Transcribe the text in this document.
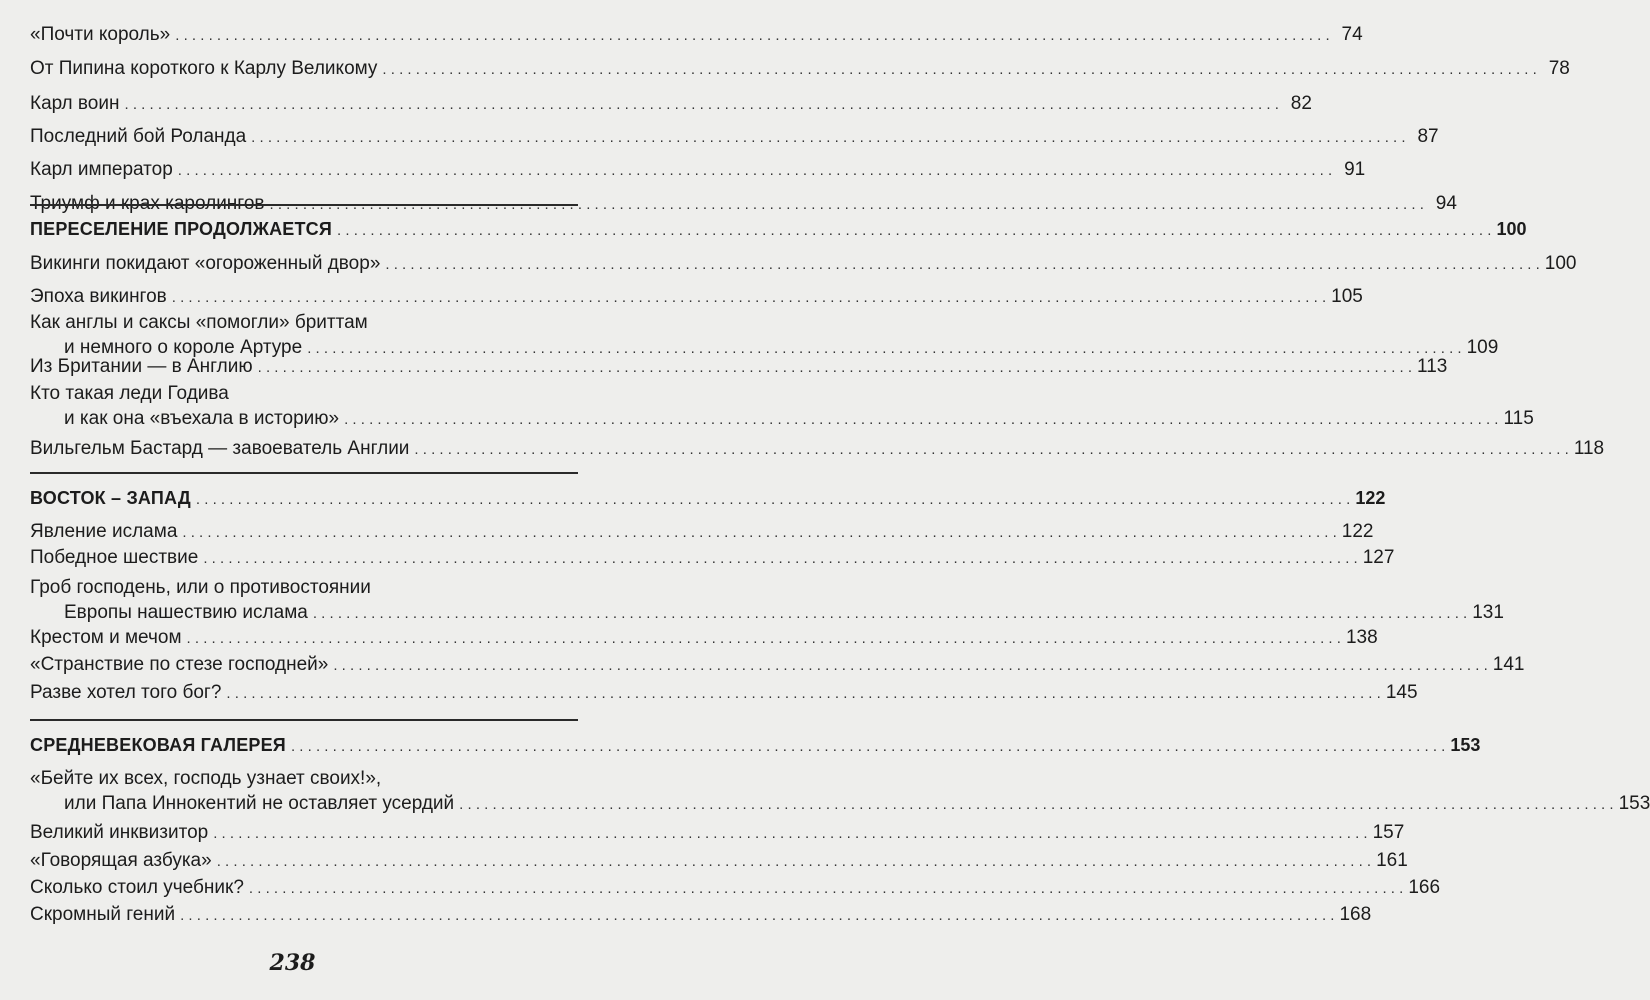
«Почти король» . . .	74
От Пипина короткого к Карлу Великому . . .	78
Карл воин . . .	82
Последний бой Роланда . . .	87
Карл император . . .	91
Триумф и крах каролингов . . .	94
ПЕРЕСЕЛЕНИЕ ПРОДОЛЖАЕТСЯ . . .	100
Викинги покидают «огороженный двор» . . .	100
Эпоха викингов . . .	105
Как англы и саксы «помогли» бриттам
и немного о короле Артуре . . .	109
Из Британии — в Англию . . .	113
Кто такая леди Годива
и как она «въехала в историю» . . .	115
Вильгельм Бастард — завоеватель Англии . . .	118
ВОСТОК – ЗАПАД . . .	122
Явление ислама . . .	122
Победное шествие . . .	127
Гроб господень, или о противостоянии
Европы нашествию ислама . . .	131
Крестом и мечом . . .	138
«Странствие по стезе господней» . . .	141
Разве хотел того бог? . . .	145
СРЕДНЕВЕКОВАЯ ГАЛЕРЕЯ . . .	153
«Бейте их всех, господь узнает своих!»,
или Папа Иннокентий не оставляет усердий . . .	153
Великий инквизитор . . .	157
«Говорящая азбука» . . .	161
Сколько стоил учебник? . . .	166
Скромный гений . . .	168
238
